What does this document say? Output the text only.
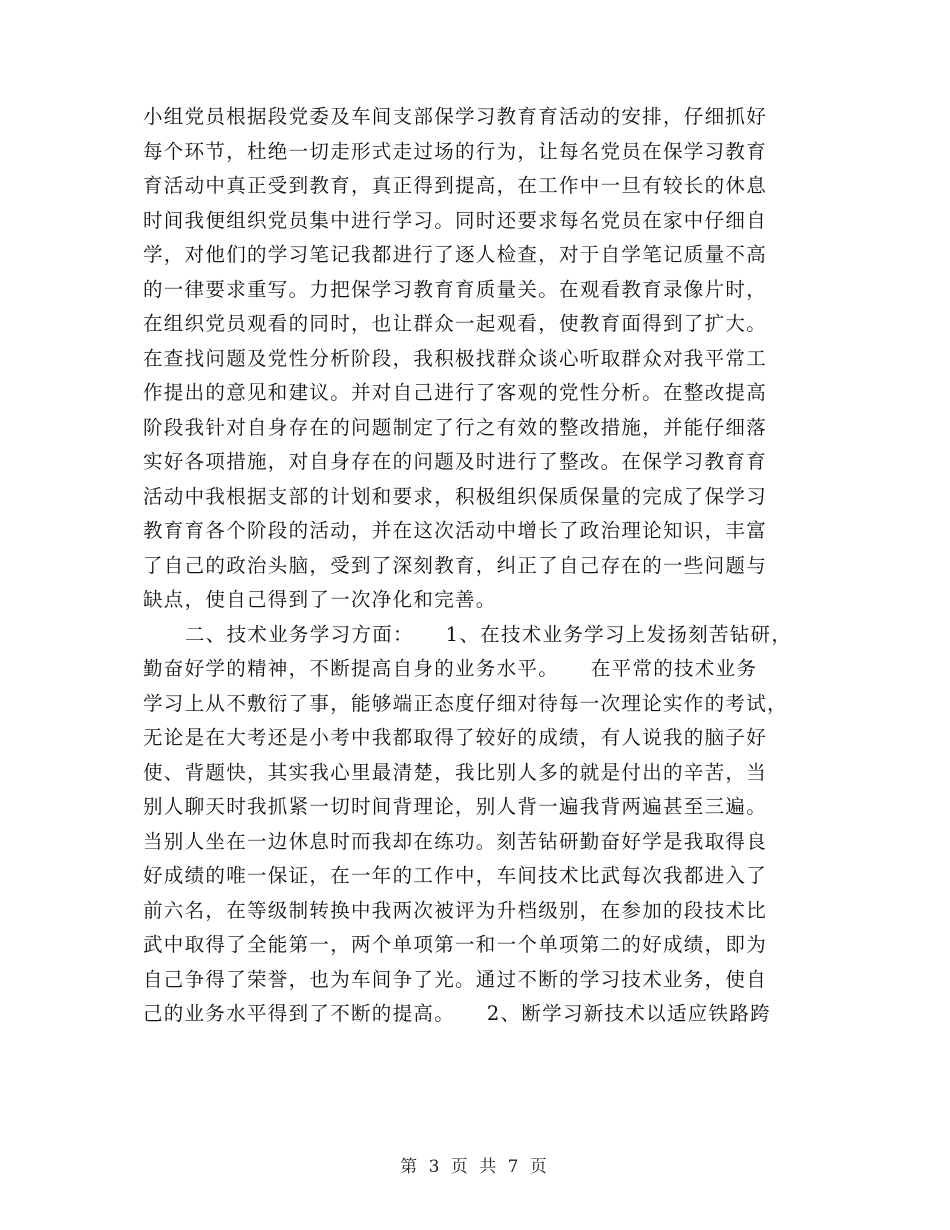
小组党员根据段党委及车间支部保学习教育育活动的安排，仔细抓好
每个环节，杜绝一切走形式走过场的行为，让每名党员在保学习教育
育活动中真正受到教育，真正得到提高，在工作中一旦有较长的休息
时间我便组织党员集中进行学习。同时还要求每名党员在家中仔细自
学，对他们的学习笔记我都进行了逐人检查，对于自学笔记质量不高
的一律要求重写。力把保学习教育育质量关。在观看教育录像片时，
在组织党员观看的同时，也让群众一起观看，使教育面得到了扩大。
在查找问题及党性分析阶段，我积极找群众谈心听取群众对我平常工
作提出的意见和建议。并对自己进行了客观的党性分析。在整改提高
阶段我针对自身存在的问题制定了行之有效的整改措施，并能仔细落
实好各项措施，对自身存在的问题及时进行了整改。在保学习教育育
活动中我根据支部的计划和要求，积极组织保质保量的完成了保学习
教育育各个阶段的活动，并在这次活动中增长了政治理论知识，丰富
了自己的政治头脑，受到了深刻教育，纠正了自己存在的一些问题与
缺点，使自己得到了一次净化和完善。
二、技术业务学习方面：　　1、在技术业务学习上发扬刻苦钻研，
勤奋好学的精神，不断提高自身的业务水平。　　在平常的技术业务
学习上从不敷衍了事，能够端正态度仔细对待每一次理论实作的考试，
无论是在大考还是小考中我都取得了较好的成绩，有人说我的脑子好
使、背题快，其实我心里最清楚，我比别人多的就是付出的辛苦，当
别人聊天时我抓紧一切时间背理论，别人背一遍我背两遍甚至三遍。
当别人坐在一边休息时而我却在练功。刻苦钻研勤奋好学是我取得良
好成绩的唯一保证，在一年的工作中，车间技术比武每次我都进入了
前六名，在等级制转换中我两次被评为升档级别，在参加的段技术比
武中取得了全能第一，两个单项第一和一个单项第二的好成绩，即为
自己争得了荣誉，也为车间争了光。通过不断的学习技术业务，使自
己的业务水平得到了不断的提高。　　2、断学习新技术以适应铁路跨
第 3 页 共 7 页
